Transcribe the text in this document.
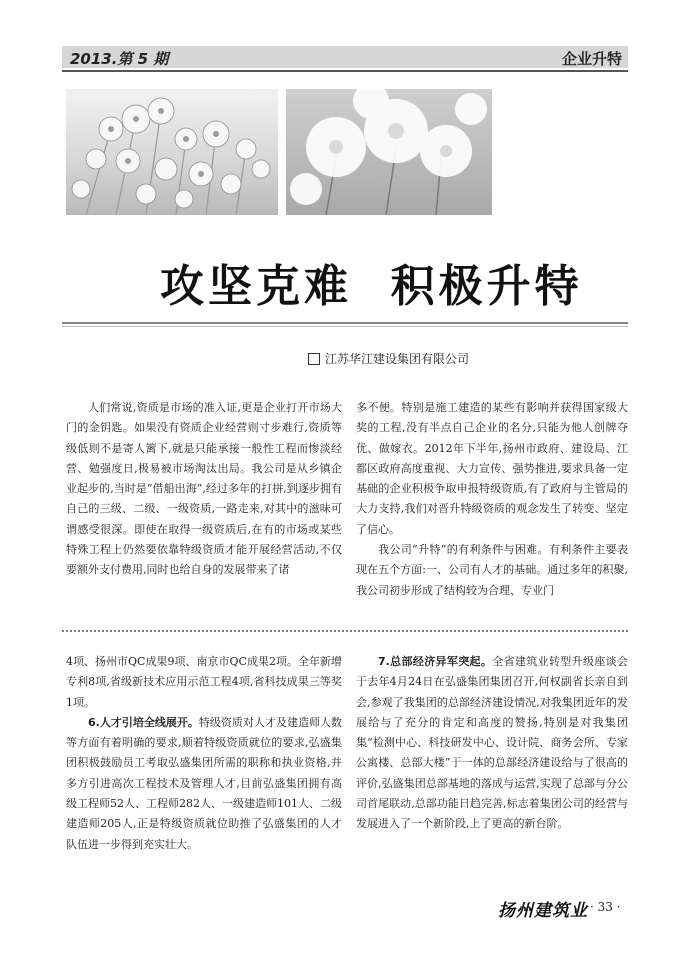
2013.第 5 期	企业升特
攻坚克难  积极升特
江苏华江建设集团有限公司

人们常说,资质是市场的准入证,更是企业打开市场大门的金钥匙。如果没有资质企业经营则寸步难行,资质等级低则不是寄人篱下,就是只能承接一般性工程而惨淡经营、勉强度日,极易被市场淘汰出局。我公司是从乡镇企业起步的,当时是“借船出海”,经过多年的打拼,到逐步拥有自己的三级、二级、一级资质,一路走来,对其中的滋味可谓感受很深。即使在取得一级资质后,在有的市场或某些特殊工程上仍然要依靠特级资质才能开展经营活动,不仅要额外支付费用,同时也给自身的发展带来了诸

多不便。特别是施工建造的某些有影响并获得国家级大奖的工程,没有半点自己企业的名分,只能为他人创牌夺优、做嫁衣。2012年下半年,扬州市政府、建设局、江都区政府高度重视、大力宣传、强势推进,要求具备一定基础的企业积极争取申报特级资质,有了政府与主管局的大力支持,我们对晋升特级资质的观念发生了转变、坚定了信心。

我公司“升特”的有利条件与困难。有利条件主要表现在五个方面:一、公司有人才的基础。通过多年的积聚,我公司初步形成了结构较为合理、专业门

4项、扬州市QC成果9项、南京市QC成果2项。全年新增专利8项,省级新技术应用示范工程4项,省科技成果三等奖1项。

6.人才引培全线展开。特级资质对人才及建造师人数等方面有着明确的要求,顺着特级资质就位的要求,弘盛集团积极鼓励员工考取弘盛集团所需的职称和执业资格,并多方引进高次工程技术及管理人才,目前弘盛集团拥有高级工程师52人、工程师282人、一级建造师101人、二级建造师205人,正是特级资质就位助推了弘盛集团的人才队伍进一步得到充实壮大。

7.总部经济异军突起。全省建筑业转型升级座谈会于去年4月24日在弘盛集团集团召开,何权副省长亲自到会,参观了我集团的总部经济建设情况,对我集团近年的发展给与了充分的肯定和高度的赞扬,特别是对我集团集“检测中心、科技研发中心、设计院、商务会所、专家公寓楼、总部大楼”于一体的总部经济建设给与了很高的评价,弘盛集团总部基地的落成与运营,实现了总部与分公司首尾联动,总部功能日趋完善,标志着集团公司的经营与发展进入了一个新阶段,上了更高的新台阶。

扬州建筑业 · 33 ·
